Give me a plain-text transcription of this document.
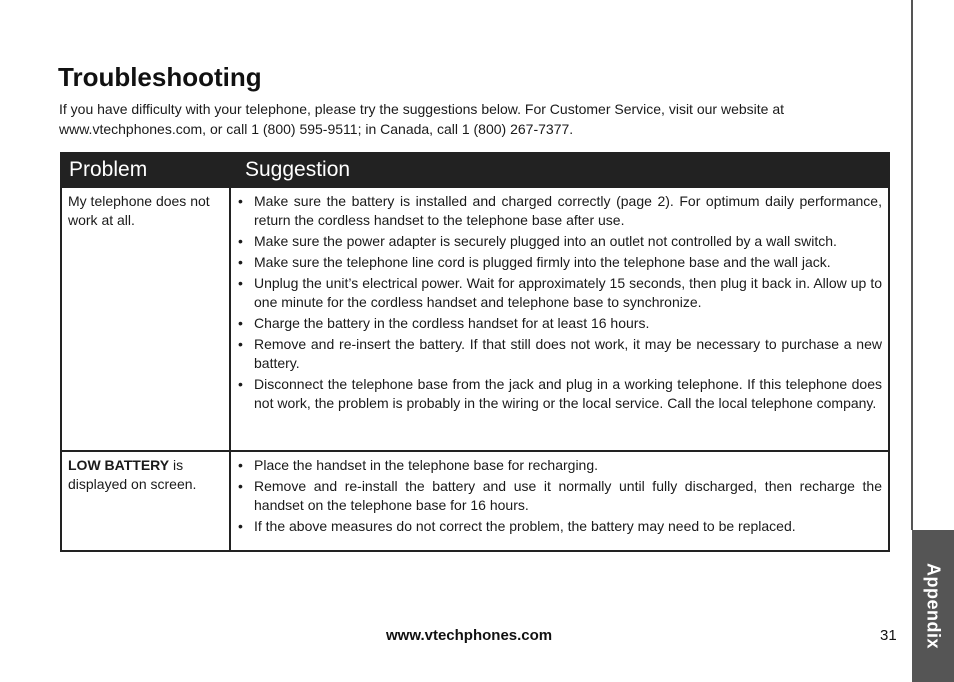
Appendix
Troubleshooting

If you have difficulty with your telephone, please try the suggestions below. For Customer Service, visit our website at www.vtechphones.com, or call 1 (800) 595-9511; in Canada, call 1 (800) 267-7377.

Problem	Suggestion
My telephone does not work at all.
• Make sure the battery is installed and charged correctly (page 2). For optimum daily performance, return the cordless handset to the telephone base after use.
• Make sure the power adapter is securely plugged into an outlet not controlled by a wall switch.
• Make sure the telephone line cord is plugged firmly into the telephone base and the wall jack.
• Unplug the unit’s electrical power. Wait for approximately 15 seconds, then plug it back in. Allow up to one minute for the cordless handset and telephone base to synchronize.
• Charge the battery in the cordless handset for at least 16 hours.
• Remove and re-insert the battery. If that still does not work, it may be necessary to purchase a new battery.
• Disconnect the telephone base from the jack and plug in a working telephone. If this telephone does not work, the problem is probably in the wiring or the local service. Call the local telephone company.
LOW BATTERY is displayed on screen.
• Place the handset in the telephone base for recharging.
• Remove and re-install the battery and use it normally until fully discharged, then recharge the handset on the telephone base for 16 hours.
• If the above measures do not correct the problem, the battery may need to be replaced.
www.vtechphones.com	31
